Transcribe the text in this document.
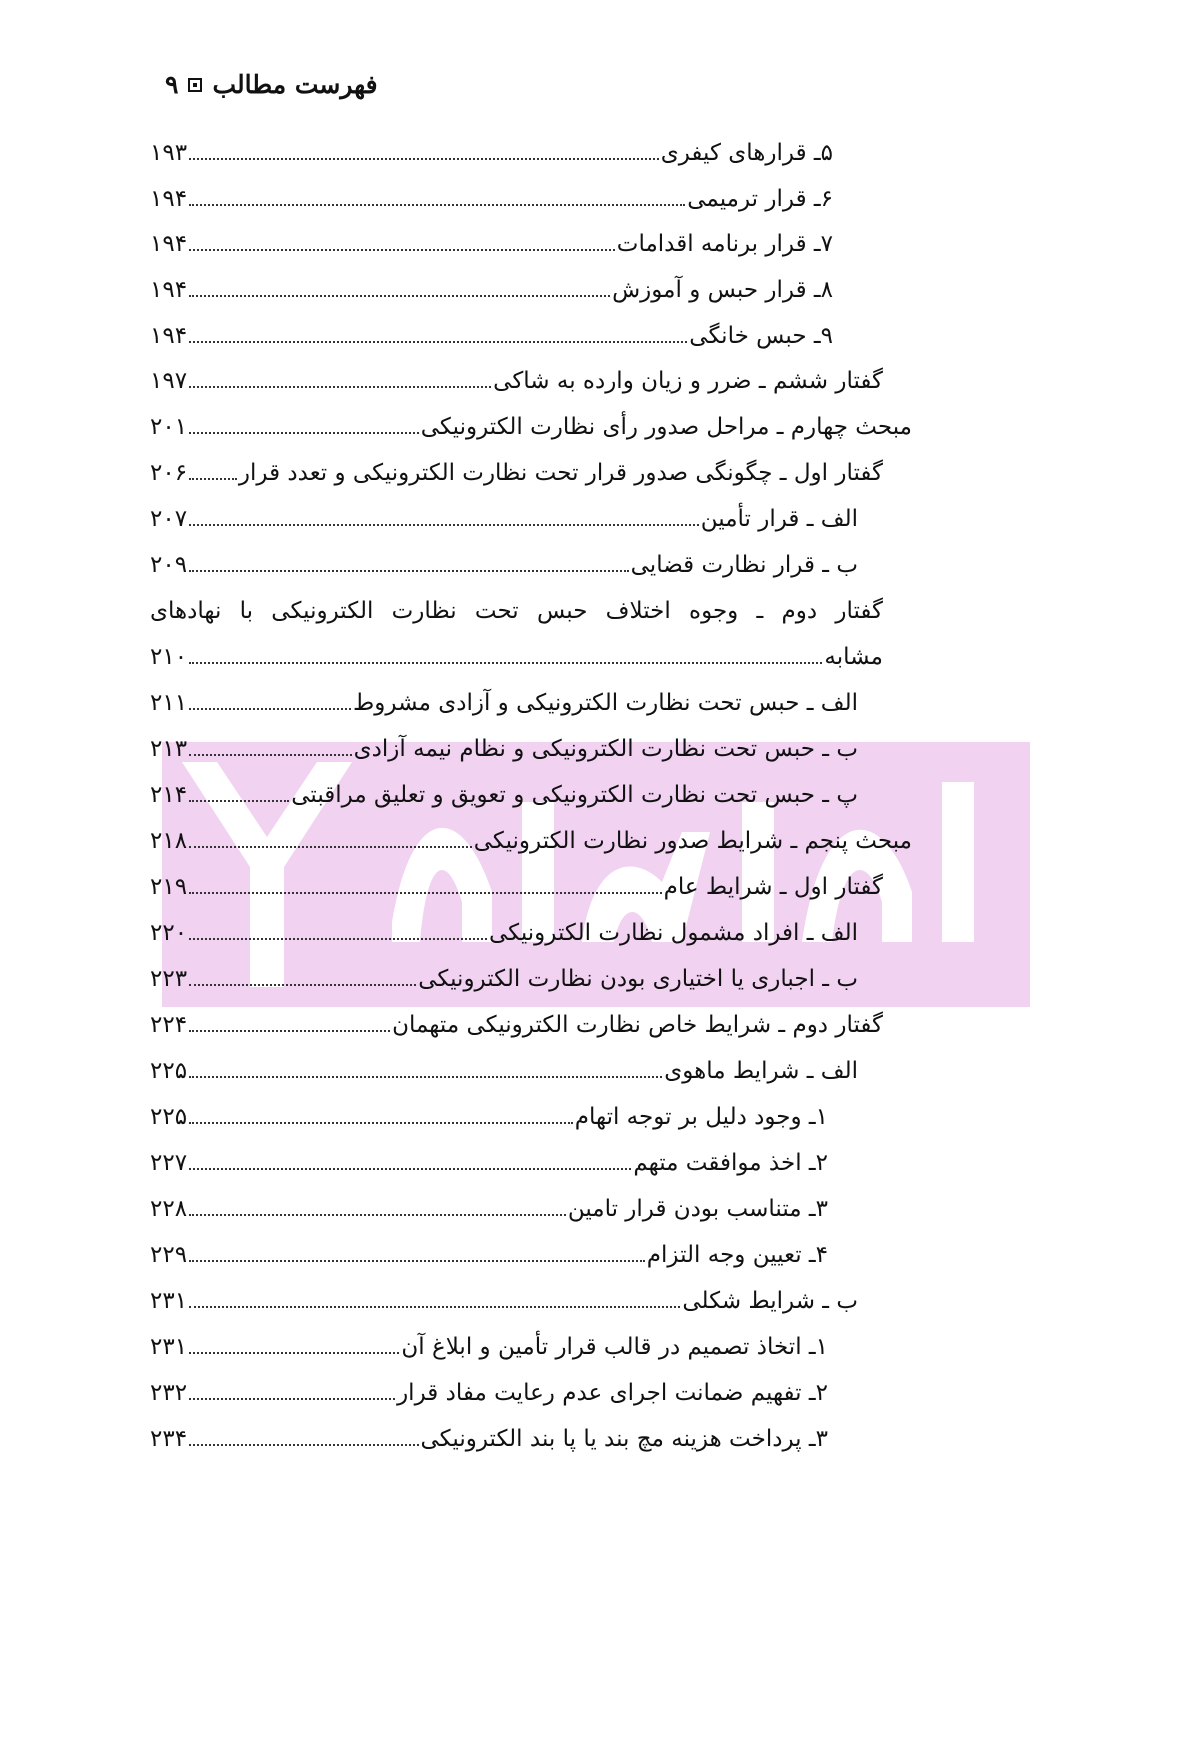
فهرست مطالب
۹
۵ـ قرارهای کیفری
۱۹۳
۶ـ قرار ترمیمی
۱۹۴
۷ـ قرار برنامه اقدامات
۱۹۴
۸ـ قرار حبس و آموزش
۱۹۴
۹ـ حبس خانگی
۱۹۴
گفتار ششم ـ ضرر و زیان وارده به شاکی
۱۹۷
مبحث چهارم ـ مراحل صدور رأی نظارت الکترونیکی
۲۰۱
گفتار اول ـ چگونگی صدور قرار تحت نظارت الکترونیکی و تعدد قرار
۲۰۶
الف ـ قرار تأمین
۲۰۷
ب ـ قرار نظارت قضایی
۲۰۹
گفتار دوم ـ وجوه اختلاف حبس تحت نظارت الکترونیکی با نهادهای
مشابه
۲۱۰
الف ـ حبس تحت نظارت الکترونیکی و آزادی مشروط
۲۱۱
ب ـ حبس تحت نظارت الکترونیکی و نظام نیمه آزادی
۲۱۳
پ ـ حبس تحت نظارت الکترونیکی و تعویق و تعلیق مراقبتی
۲۱۴
مبحث پنجم ـ شرایط صدور نظارت الکترونیکی
۲۱۸
گفتار اول ـ شرایط عام
۲۱۹
الف ـ افراد مشمول نظارت الکترونیکی
۲۲۰
ب ـ اجباری یا اختیاری بودن نظارت الکترونیکی
۲۲۳
گفتار دوم ـ شرایط خاص نظارت الکترونیکی متهمان
۲۲۴
الف ـ شرایط ماهوی
۲۲۵
۱ـ وجود دلیل بر توجه اتهام
۲۲۵
۲ـ اخذ موافقت متهم
۲۲۷
۳ـ متناسب بودن قرار تامین
۲۲۸
۴ـ تعیین وجه التزام
۲۲۹
ب ـ شرایط شکلی
۲۳۱
۱ـ اتخاذ تصمیم در قالب قرار تأمین و ابلاغ آن
۲۳۱
۲ـ تفهیم ضمانت اجرای عدم رعایت مفاد قرار
۲۳۲
۳ـ پرداخت هزینه مچ بند یا پا بند الکترونیکی
۲۳۴
